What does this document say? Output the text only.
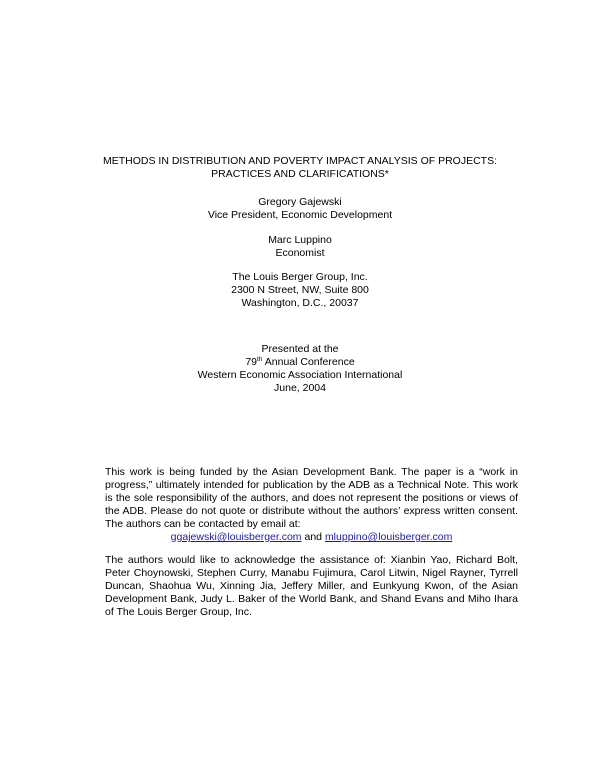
METHODS IN DISTRIBUTION AND POVERTY IMPACT ANALYSIS OF PROJECTS:
PRACTICES AND CLARIFICATIONS*
Gregory Gajewski
Vice President, Economic Development
Marc Luppino
Economist
The Louis Berger Group, Inc.
2300 N Street, NW, Suite 800
Washington, D.C., 20037
Presented at the
79th Annual Conference
Western Economic Association International
June, 2004
This work is being funded by the Asian Development Bank. The paper is a “work in progress,” ultimately intended for publication by the ADB as a Technical Note. This work is the sole responsibility of the authors, and does not represent the positions or views of the ADB. Please do not quote or distribute without the authors’ express written consent. The authors can be contacted by email at:
ggajewski@louisberger.com and mluppino@louisberger.com
The authors would like to acknowledge the assistance of: Xianbin Yao, Richard Bolt, Peter Choynowski, Stephen Curry, Manabu Fujimura, Carol Litwin, Nigel Rayner, Tyrrell Duncan, Shaohua Wu, Xinning Jia, Jeffery Miller, and Eunkyung Kwon, of the Asian Development Bank, Judy L. Baker of the World Bank, and Shand Evans and Miho Ihara of The Louis Berger Group, Inc.
